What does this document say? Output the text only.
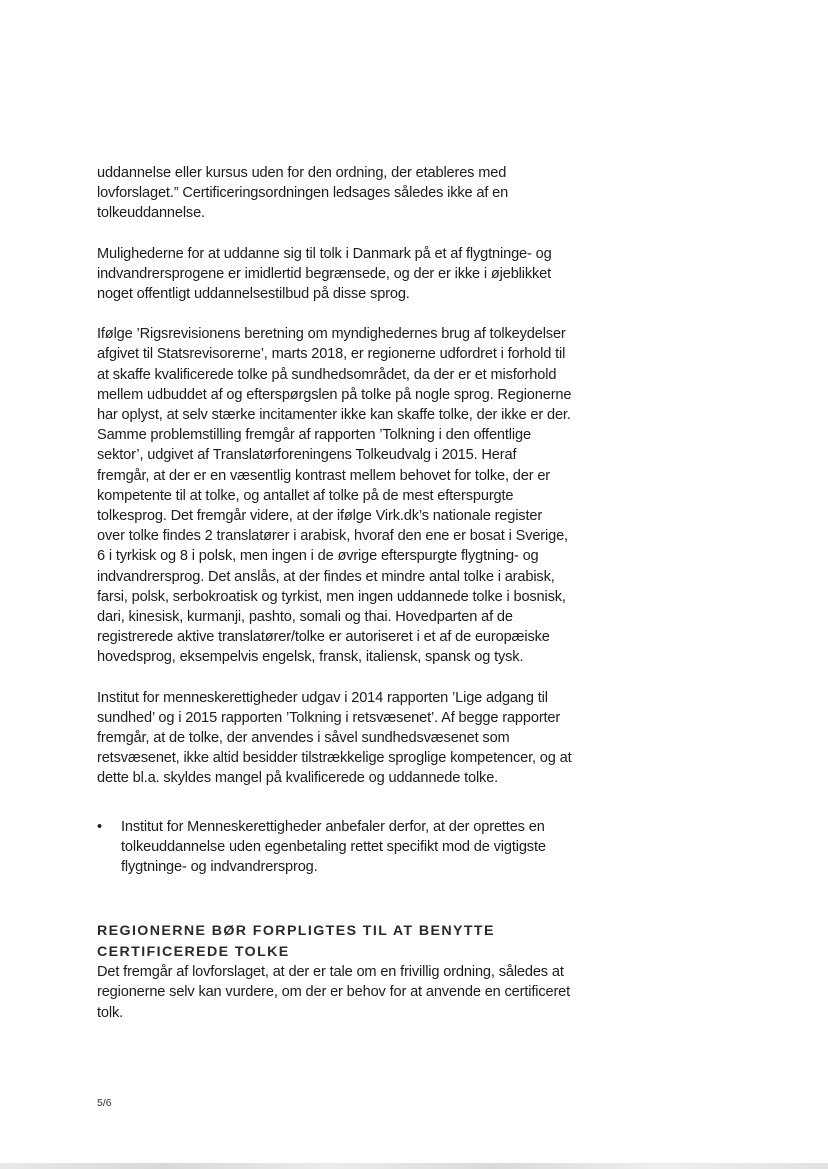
uddannelse eller kursus uden for den ordning, der etableres med lovforslaget.” Certificeringsordningen ledsages således ikke af en tolkeuddannelse.

Mulighederne for at uddanne sig til tolk i Danmark på et af flygtninge- og indvandrersprogene er imidlertid begrænsede, og der er ikke i øjeblikket noget offentligt uddannelsestilbud på disse sprog.

Ifølge ’Rigsrevisionens beretning om myndighedernes brug af tolkeydelser afgivet til Statsrevisorerne’, marts 2018, er regionerne udfordret i forhold til at skaffe kvalificerede tolke på sundhedsområdet, da der er et misforhold mellem udbuddet af og efterspørgslen på tolke på nogle sprog. Regionerne har oplyst, at selv stærke incitamenter ikke kan skaffe tolke, der ikke er der.

Samme problemstilling fremgår af rapporten ’Tolkning i den offentlige sektor’, udgivet af Translatørforeningens Tolkeudvalg i 2015. Heraf fremgår, at der er en væsentlig kontrast mellem behovet for tolke, der er kompetente til at tolke, og antallet af tolke på de mest efterspurgte tolkesprog. Det fremgår videre, at der ifølge Virk.dk’s nationale register over tolke findes 2 translatører i arabisk, hvoraf den ene er bosat i Sverige, 6 i tyrkisk og 8 i polsk, men ingen i de øvrige efterspurgte flygtning- og indvandrersprog. Det anslås, at der findes et mindre antal tolke i arabisk, farsi, polsk, serbokroatisk og tyrkist, men ingen uddannede tolke i bosnisk, dari, kinesisk, kurmanji, pashto, somali og thai. Hovedparten af de registrerede aktive translatører/tolke er autoriseret i et af de europæiske hovedsprog, eksempelvis engelsk, fransk, italiensk, spansk og tysk.

Institut for menneskerettigheder udgav i 2014 rapporten ’Lige adgang til sundhed’ og i 2015 rapporten ’Tolkning i retsvæsenet’. Af begge rapporter fremgår, at de tolke, der anvendes i såvel sundhedsvæsenet som retsvæsenet, ikke altid besidder tilstrækkelige sproglige kompetencer, og at dette bl.a. skyldes mangel på kvalificerede og uddannede tolke.

•	Institut for Menneskerettigheder anbefaler derfor, at der oprettes en tolkeuddannelse uden egenbetaling rettet specifikt mod de vigtigste flygtninge- og indvandrersprog.

REGIONERNE BØR FORPLIGTES TIL AT BENYTTE CERTIFICEREDE TOLKE

Det fremgår af lovforslaget, at der er tale om en frivillig ordning, således at regionerne selv kan vurdere, om der er behov for at anvende en certificeret tolk.

5/6
